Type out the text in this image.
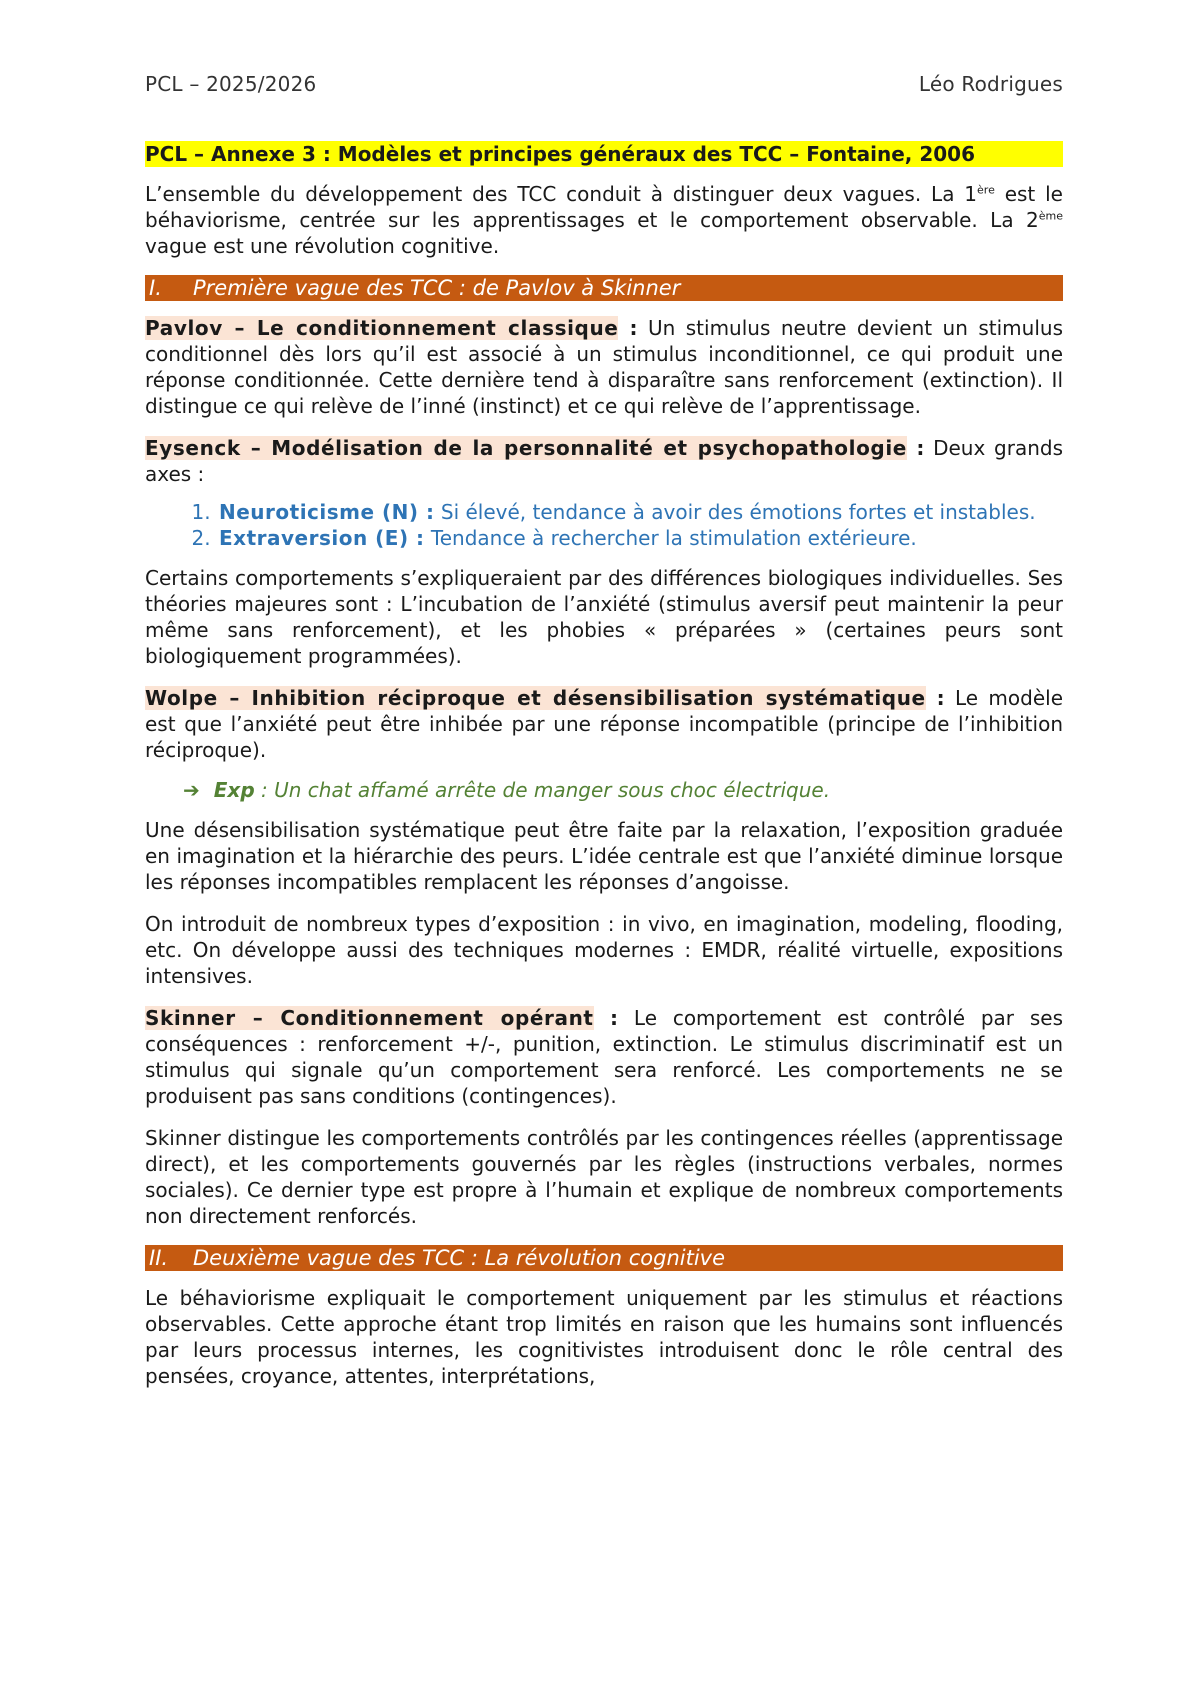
PCL – 2025/2026	Léo Rodrigues
PCL – Annexe 3 : Modèles et principes généraux des TCC – Fontaine, 2006

L’ensemble du développement des TCC conduit à distinguer deux vagues. La 1ère est le béhaviorisme, centrée sur les apprentissages et le comportement observable. La 2ème vague est une révolution cognitive.

I.	Première vague des TCC : de Pavlov à Skinner

Pavlov – Le conditionnement classique : Un stimulus neutre devient un stimulus conditionnel dès lors qu’il est associé à un stimulus inconditionnel, ce qui produit une réponse conditionnée. Cette dernière tend à disparaître sans renforcement (extinction). Il distingue ce qui relève de l’inné (instinct) et ce qui relève de l’apprentissage.

Eysenck – Modélisation de la personnalité et psychopathologie : Deux grands axes :

1. Neuroticisme (N) : Si élevé, tendance à avoir des émotions fortes et instables.
2. Extraversion (E) : Tendance à rechercher la stimulation extérieure.

Certains comportements s’expliqueraient par des différences biologiques individuelles. Ses théories majeures sont : L’incubation de l’anxiété (stimulus aversif peut maintenir la peur même sans renforcement), et les phobies « préparées » (certaines peurs sont biologiquement programmées).

Wolpe – Inhibition réciproque et désensibilisation systématique : Le modèle est que l’anxiété peut être inhibée par une réponse incompatible (principe de l’inhibition réciproque).

➔ Exp : Un chat affamé arrête de manger sous choc électrique.

Une désensibilisation systématique peut être faite par la relaxation, l’exposition graduée en imagination et la hiérarchie des peurs. L’idée centrale est que l’anxiété diminue lorsque les réponses incompatibles remplacent les réponses d’angoisse.

On introduit de nombreux types d’exposition : in vivo, en imagination, modeling, flooding, etc. On développe aussi des techniques modernes : EMDR, réalité virtuelle, expositions intensives.

Skinner – Conditionnement opérant : Le comportement est contrôlé par ses conséquences : renforcement +/-, punition, extinction. Le stimulus discriminatif est un stimulus qui signale qu’un comportement sera renforcé. Les comportements ne se produisent pas sans conditions (contingences).

Skinner distingue les comportements contrôlés par les contingences réelles (apprentissage direct), et les comportements gouvernés par les règles (instructions verbales, normes sociales). Ce dernier type est propre à l’humain et explique de nombreux comportements non directement renforcés.

II.	Deuxième vague des TCC : La révolution cognitive

Le béhaviorisme expliquait le comportement uniquement par les stimulus et réactions observables. Cette approche étant trop limités en raison que les humains sont influencés par leurs processus internes, les cognitivistes introduisent donc le rôle central des pensées, croyance, attentes, interprétations,
